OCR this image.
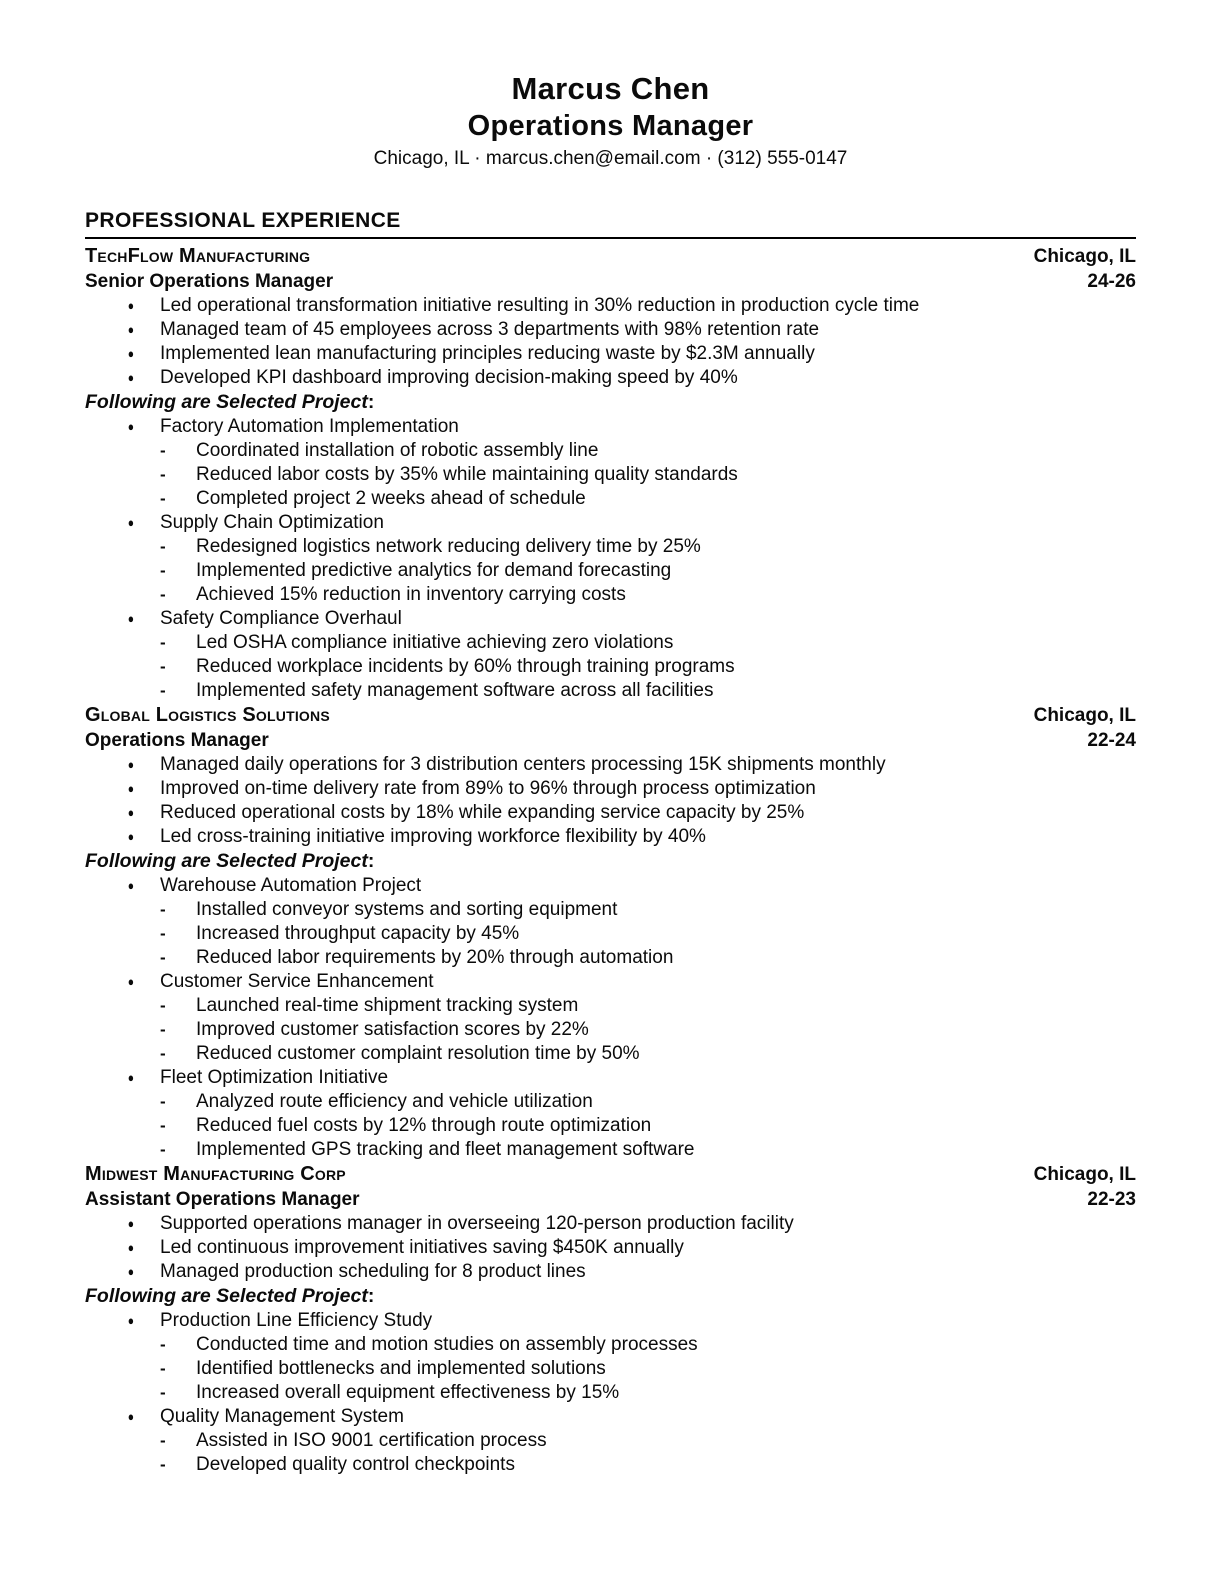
Marcus Chen
Operations Manager
Chicago, IL · marcus.chen@email.com · (312) 555-0147
PROFESSIONAL EXPERIENCE
TechFlow Manufacturing	Chicago, IL
Senior Operations Manager	24-26
● Led operational transformation initiative resulting in 30% reduction in production cycle time
● Managed team of 45 employees across 3 departments with 98% retention rate
● Implemented lean manufacturing principles reducing waste by $2.3M annually
● Developed KPI dashboard improving decision-making speed by 40%
Following are Selected Project:
● Factory Automation Implementation
- Coordinated installation of robotic assembly line
- Reduced labor costs by 35% while maintaining quality standards
- Completed project 2 weeks ahead of schedule
● Supply Chain Optimization
- Redesigned logistics network reducing delivery time by 25%
- Implemented predictive analytics for demand forecasting
- Achieved 15% reduction in inventory carrying costs
● Safety Compliance Overhaul
- Led OSHA compliance initiative achieving zero violations
- Reduced workplace incidents by 60% through training programs
- Implemented safety management software across all facilities
Global Logistics Solutions	Chicago, IL
Operations Manager	22-24
● Managed daily operations for 3 distribution centers processing 15K shipments monthly
● Improved on-time delivery rate from 89% to 96% through process optimization
● Reduced operational costs by 18% while expanding service capacity by 25%
● Led cross-training initiative improving workforce flexibility by 40%
Following are Selected Project:
● Warehouse Automation Project
- Installed conveyor systems and sorting equipment
- Increased throughput capacity by 45%
- Reduced labor requirements by 20% through automation
● Customer Service Enhancement
- Launched real-time shipment tracking system
- Improved customer satisfaction scores by 22%
- Reduced customer complaint resolution time by 50%
● Fleet Optimization Initiative
- Analyzed route efficiency and vehicle utilization
- Reduced fuel costs by 12% through route optimization
- Implemented GPS tracking and fleet management software
Midwest Manufacturing Corp	Chicago, IL
Assistant Operations Manager	22-23
● Supported operations manager in overseeing 120-person production facility
● Led continuous improvement initiatives saving $450K annually
● Managed production scheduling for 8 product lines
Following are Selected Project:
● Production Line Efficiency Study
- Conducted time and motion studies on assembly processes
- Identified bottlenecks and implemented solutions
- Increased overall equipment effectiveness by 15%
● Quality Management System
- Assisted in ISO 9001 certification process
- Developed quality control checkpoints
